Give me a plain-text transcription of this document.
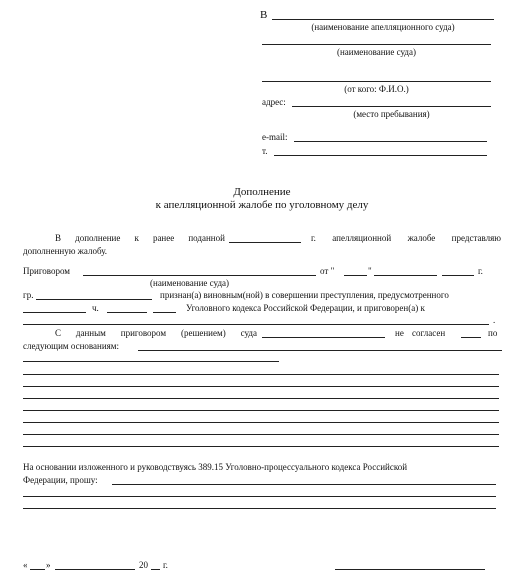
В
(наименование апелляционного суда)
(наименование суда)
(от кого: Ф.И.О.)
адрес:
(место пребывания)
e-mail:
т.
Дополнение
к апелляционной жалобе по уголовному делу
В дополнение к ранее поданной	г. апелляционной жалобе представляю
дополненную жалобу.
Приговором	от "	"	г.
(наименование суда)
гр.	признан(а) виновным(ной) в совершении преступления, предусмотренного
ч.	Уголовного кодекса Российской Федерации, и приговорен(а) к
.
С данным приговором (решением) суда	не согласен	по
следующим основаниям:
На основании изложенного и руководствуясь 389.15 Уголовно-процессуального кодекса Российской
Федерации, прошу:
« »	20 г.
